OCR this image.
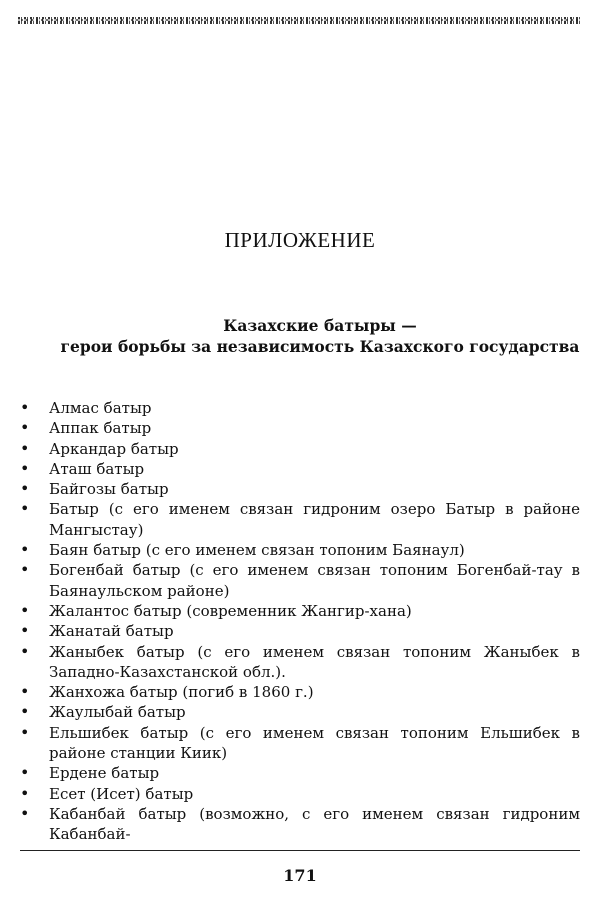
ПРИЛОЖЕНИЕ

Казахские батыры —

герои борьбы за независимость Казахского государства

•	Алмас батыр
•	Аппак батыр
•	Аркандар батыр
•	Аташ батыр
•	Байгозы батыр
•	Батыр (с его именем связан гидроним озеро Батыр в районе Мангыстау)
•	Баян батыр (с его именем связан топоним Баянаул)
•	Богенбай батыр (с его именем связан топоним Богенбай-тау в Баянаульском районе)
•	Жалантос батыр (современник Жангир-хана)
•	Жанатай батыр
•	Жаныбек батыр (с его именем связан топоним Жаныбек в Западно-Казахстанской обл.).
•	Жанхожа батыр (погиб в 1860 г.)
•	Жаулыбай батыр
•	Ельшибек батыр (с его именем связан топоним Ельшибек в районе станции Киик)
•	Ердене батыр
•	Есет (Исет) батыр
•	Кабанбай батыр (возможно, с его именем связан гидроним Кабанбай-

171
